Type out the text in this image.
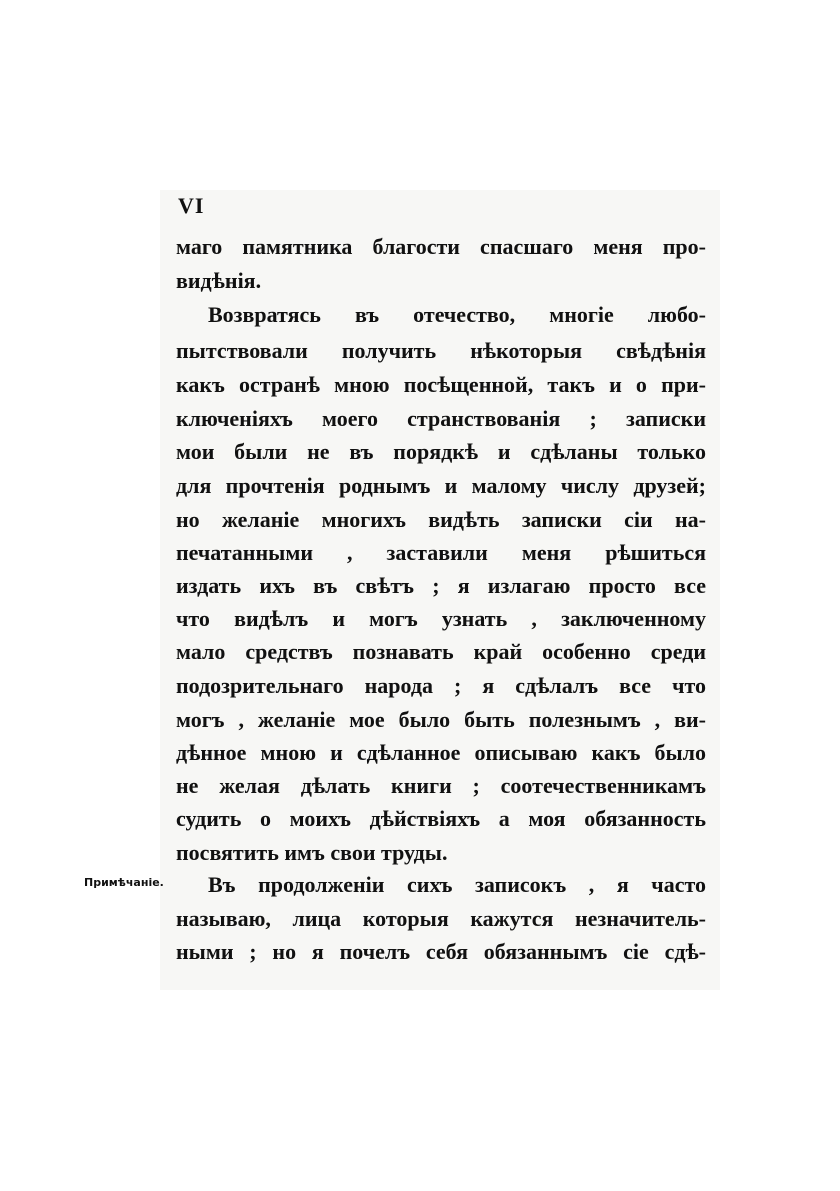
VI
маго памятника благости спасшаго меня про-
видѣнія.
Возвратясь въ отечество, многіе любо-
пытствовали получить нѣкоторыя свѣдѣнія
какъ остранѣ мною посѣщенной, такъ и о при-
ключеніяхъ моего странствованія ; записки
мои были не въ порядкѣ и сдѣланы только
для прочтенія роднымъ и малому числу друзей;
но желаніе многихъ видѣть записки сіи на-
печатанными , заставили меня рѣшиться
издать ихъ въ свѣтъ ; я излагаю просто все
что видѣлъ и могъ узнать , заключенному
мало средствъ познавать край особенно среди
подозрительнаго народа ; я сдѣлалъ все что
могъ , желаніе мое было быть полезнымъ , ви-
дѣнное мною и сдѣланное описываю какъ было
не желая дѣлать книги ; соотечественникамъ
судить о моихъ дѣйствіяхъ а моя обязанность
посвятить имъ свои труды.
Примѣчаніе. Въ продолженіи сихъ записокъ , я часто
называю, лица которыя кажутся незначитель-
ными ; но я почелъ себя обязаннымъ сіе сдѣ-
